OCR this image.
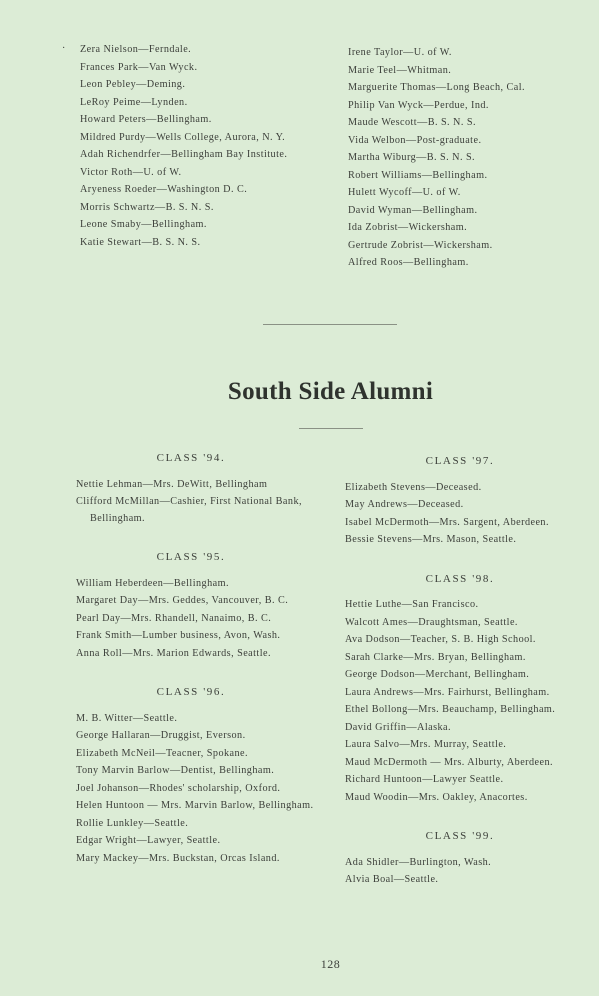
· Zera Nielson—Ferndale.
Frances Park—Van Wyck.
Leon Pebley—Deming.
LeRoy Peime—Lynden.
Howard Peters—Bellingham.
Mildred Purdy—Wells College, Aurora, N. Y.
Adah Richendrfer—Bellingham Bay Institute.
Victor Roth—U. of W.
Aryeness Roeder—Washington D. C.
Morris Schwartz—B. S. N. S.
Leone Smaby—Bellingham.
Katie Stewart—B. S. N. S.
Irene Taylor—U. of W.
Marie Teel—Whitman.
Marguerite Thomas—Long Beach, Cal.
Philip Van Wyck—Perdue, Ind.
Maude Wescott—B. S. N. S.
Vida Welbon—Post-graduate.
Martha Wiburg—B. S. N. S.
Robert Williams—Bellingham.
Hulett Wycoff—U. of W.
David Wyman—Bellingham.
Ida Zobrist—Wickersham.
Gertrude Zobrist—Wickersham.
Alfred Roos—Bellingham.
South Side Alumni
CLASS '94.
Nettie Lehman—Mrs. DeWitt, Bellingham
Clifford McMillan—Cashier, First National Bank, Bellingham.
CLASS '95.
William Heberdeen—Bellingham.
Margaret Day—Mrs. Geddes, Vancouver, B. C.
Pearl Day—Mrs. Rhandell, Nanaimo, B. C.
Frank Smith—Lumber business, Avon, Wash.
Anna Roll—Mrs. Marion Edwards, Seattle.
CLASS '96.
M. B. Witter—Seattle.
George Hallaran—Druggist, Everson.
Elizabeth McNeil—Teacner, Spokane.
Tony Marvin Barlow—Dentist, Bellingham.
Joel Johanson—Rhodes' scholarship, Oxford.
Helen Huntoon — Mrs. Marvin Barlow, Bellingham.
Rollie Lunkley—Seattle.
Edgar Wright—Lawyer, Seattle.
Mary Mackey—Mrs. Buckstan, Orcas Island.
CLASS '97.
Elizabeth Stevens—Deceased.
May Andrews—Deceased.
Isabel McDermoth—Mrs. Sargent, Aberdeen.
Bessie Stevens—Mrs. Mason, Seattle.
CLASS '98.
Hettie Luthe—San Francisco.
Walcott Ames—Draughtsman, Seattle.
Ava Dodson—Teacher, S. B. High School.
Sarah Clarke—Mrs. Bryan, Bellingham.
George Dodson—Merchant, Bellingham.
Laura Andrews—Mrs. Fairhurst, Bellingham.
Ethel Bollong—Mrs. Beauchamp, Bellingham.
David Griffin—Alaska.
Laura Salvo—Mrs. Murray, Seattle.
Maud McDermoth — Mrs. Alburty, Aberdeen.
Richard Huntoon—Lawyer Seattle.
Maud Woodin—Mrs. Oakley, Anacortes.
CLASS '99.
Ada Shidler—Burlington, Wash.
Alvia Boal—Seattle.
128
